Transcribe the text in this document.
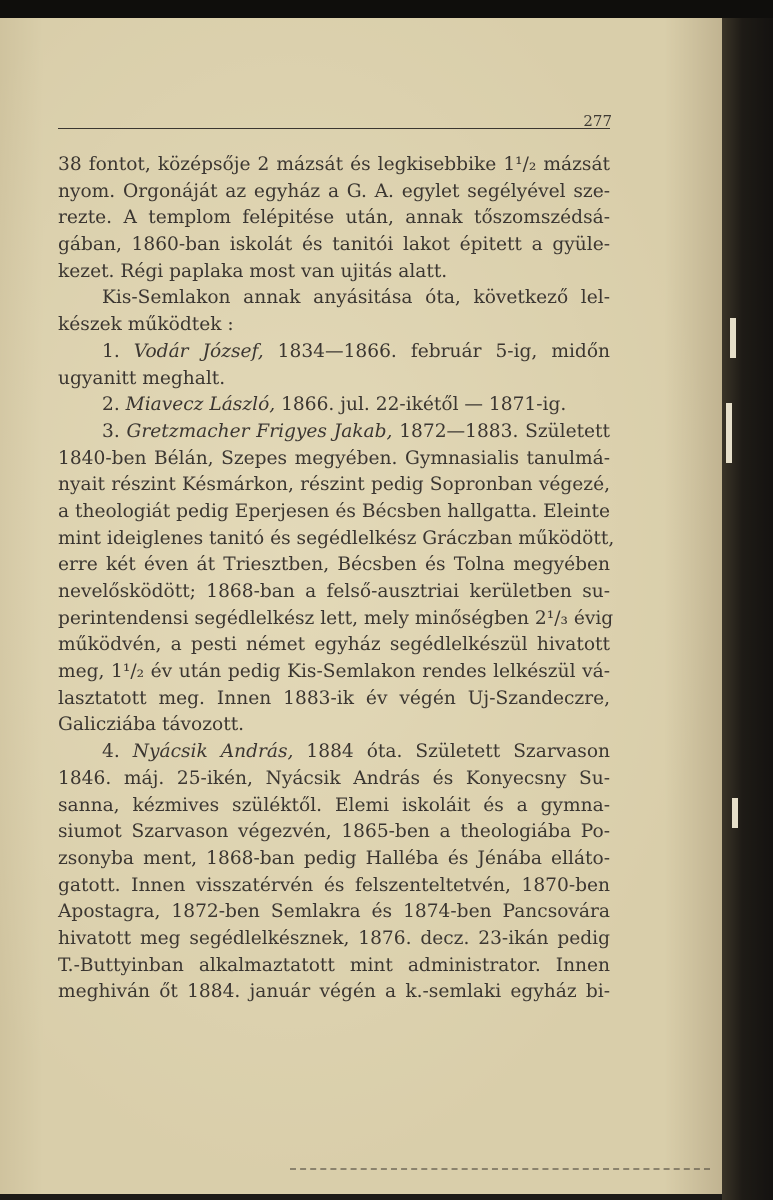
277
38 fontot, középsője 2 mázsát és legkisebbike 1¹/₂ mázsát
nyom. Orgonáját az egyház a G. A. egylet segélyével sze-
rezte. A templom felépitése után, annak tőszomszédsá-
gában, 1860-ban iskolát és tanitói lakot épitett a gyüle-
kezet. Régi paplaka most van ujitás alatt.
Kis-Semlakon annak anyásitása óta, következő lel-
készek működtek :
1. Vodár József, 1834—1866. február 5-ig, midőn
ugyanitt meghalt.
2. Miavecz László, 1866. jul. 22-ikétől — 1871-ig.
3. Gretzmacher Frigyes Jakab, 1872—1883. Született
1840-ben Bélán, Szepes megyében. Gymnasialis tanulmá-
nyait részint Késmárkon, részint pedig Sopronban végezé,
a theologiát pedig Eperjesen és Bécsben hallgatta. Eleinte
mint ideiglenes tanitó és segédlelkész Gráczban működött,
erre két éven át Triesztben, Bécsben és Tolna megyében
nevelősködött; 1868-ban a felső-ausztriai kerületben su-
perintendensi segédlelkész lett, mely minőségben 2¹/₃ évig
működvén, a pesti német egyház segédlelkészül hivatott
meg, 1¹/₂ év után pedig Kis-Semlakon rendes lelkészül vá-
lasztatott meg. Innen 1883-ik év végén Uj-Szandeczre,
Galicziába távozott.
4. Nyácsik András, 1884 óta. Született Szarvason
1846. máj. 25-ikén, Nyácsik András és Konyecsny Su-
sanna, kézmives szüléktől. Elemi iskoláit és a gymna-
siumot Szarvason végezvén, 1865-ben a theologiába Po-
zsonyba ment, 1868-ban pedig Halléba és Jénába elláto-
gatott. Innen visszatérvén és felszenteltetvén, 1870-ben
Apostagra, 1872-ben Semlakra és 1874-ben Pancsovára
hivatott meg segédlelkésznek, 1876. decz. 23-ikán pedig
T.-Buttyinban alkalmaztatott mint administrator. Innen
meghiván őt 1884. január végén a k.-semlaki egyház bi-
